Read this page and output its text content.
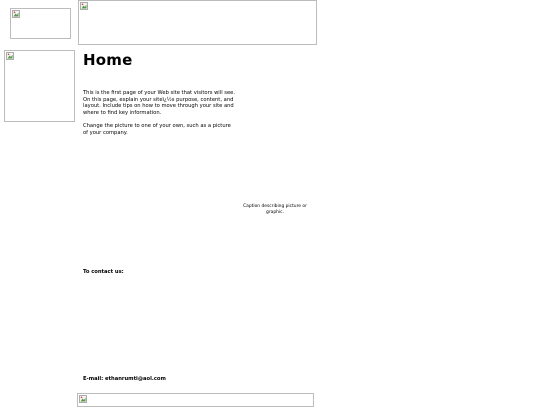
Home

This is the first page of your Web site that visitors will see. On this page, explain your siteï¿½s purpose, content, and layout. Include tips on how to move through your site and where to find key information.

Change the picture to one of your own, such as a picture of your company.

Caption describing picture or graphic.

To contact us:

E-mail: ethanrumti@aol.com
